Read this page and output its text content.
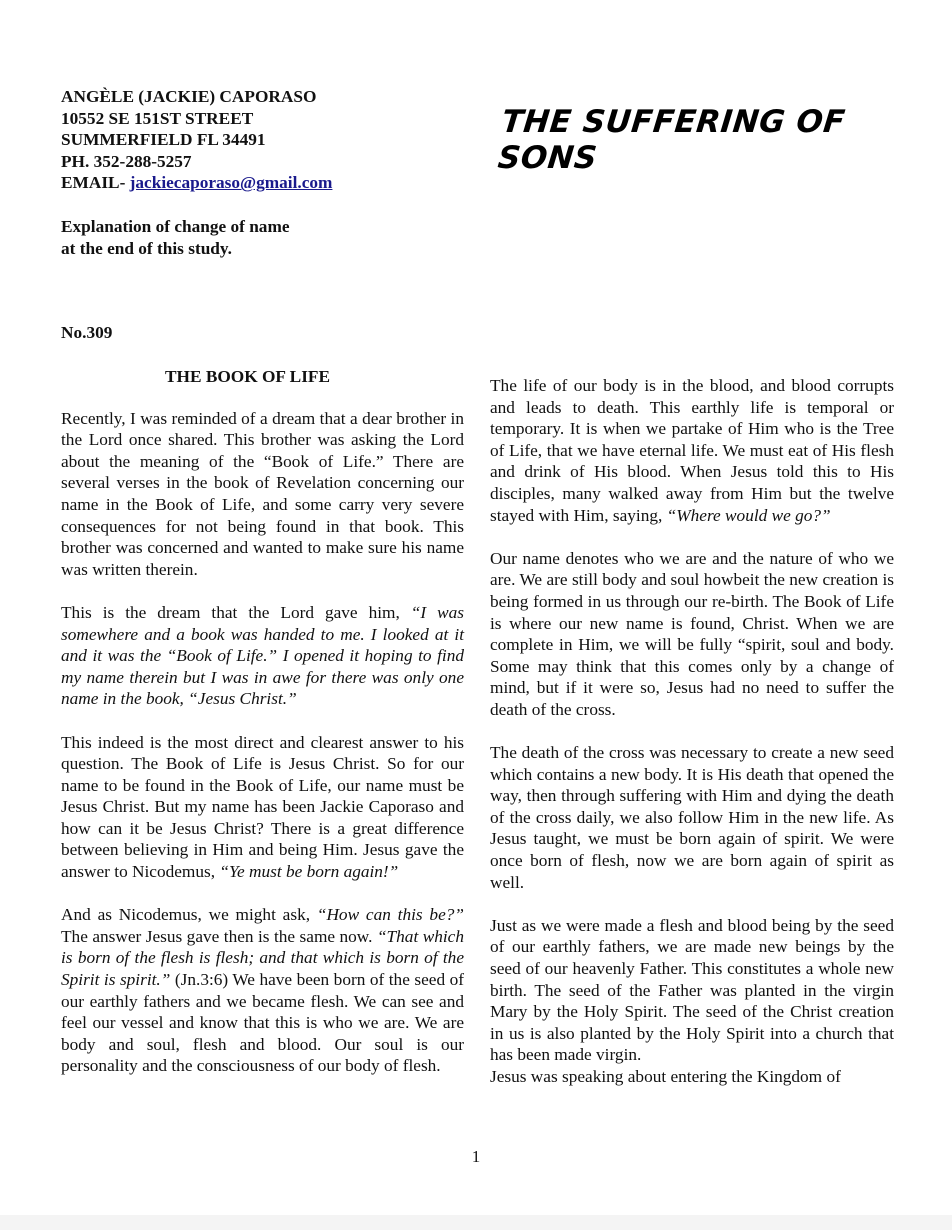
ANGÈLE (JACKIE) CAPORASO
10552 SE 151ST STREET
SUMMERFIELD FL 34491
PH. 352-288-5257
EMAIL- jackiecaporaso@gmail.com
Explanation of change of name
at the end of this study.
THE SUFFERING OF SONS
No.309
THE BOOK OF LIFE

Recently, I was reminded of a dream that a dear brother in the Lord once shared. This brother was asking the Lord about the meaning of the “Book of Life.” There are several verses in the book of Revelation concerning our name in the Book of Life, and some carry very severe consequences for not being found in that book. This brother was concerned and wanted to make sure his name was written therein.

This is the dream that the Lord gave him, “I was somewhere and a book was handed to me. I looked at it and it was the “Book of Life.” I opened it hoping to find my name therein but I was in awe for there was only one name in the book, “Jesus Christ.”

This indeed is the most direct and clearest answer to his question. The Book of Life is Jesus Christ. So for our name to be found in the Book of Life, our name must be Jesus Christ. But my name has been Jackie Caporaso and how can it be Jesus Christ? There is a great difference between believing in Him and being Him. Jesus gave the answer to Nicodemus, “Ye must be born again!”

And as Nicodemus, we might ask, “How can this be?” The answer Jesus gave then is the same now. “That which is born of the flesh is flesh; and that which is born of the Spirit is spirit.” (Jn.3:6) We have been born of the seed of our earthly fathers and we became flesh. We can see and feel our vessel and know that this is who we are. We are body and soul, flesh and blood. Our soul is our personality and the consciousness of our body of flesh.

The life of our body is in the blood, and blood corrupts and leads to death. This earthly life is temporal or temporary. It is when we partake of Him who is the Tree of Life, that we have eternal life. We must eat of His flesh and drink of His blood. When Jesus told this to His disciples, many walked away from Him but the twelve stayed with Him, saying, “Where would we go?”

Our name denotes who we are and the nature of who we are. We are still body and soul howbeit the new creation is being formed in us through our re-birth. The Book of Life is where our new name is found, Christ. When we are complete in Him, we will be fully “spirit, soul and body. Some may think that this comes only by a change of mind, but if it were so, Jesus had no need to suffer the death of the cross.

The death of the cross was necessary to create a new seed which contains a new body. It is His death that opened the way, then through suffering with Him and dying the death of the cross daily, we also follow Him in the new life. As Jesus taught, we must be born again of spirit. We were once born of flesh, now we are born again of spirit as well.

Just as we were made a flesh and blood being by the seed of our earthly fathers, we are made new beings by the seed of our heavenly Father. This constitutes a whole new birth. The seed of the Father was planted in the virgin Mary by the Holy Spirit. The seed of the Christ creation in us is also planted by the Holy Spirit into a church that has been made virgin.

Jesus was speaking about entering the Kingdom of

1
